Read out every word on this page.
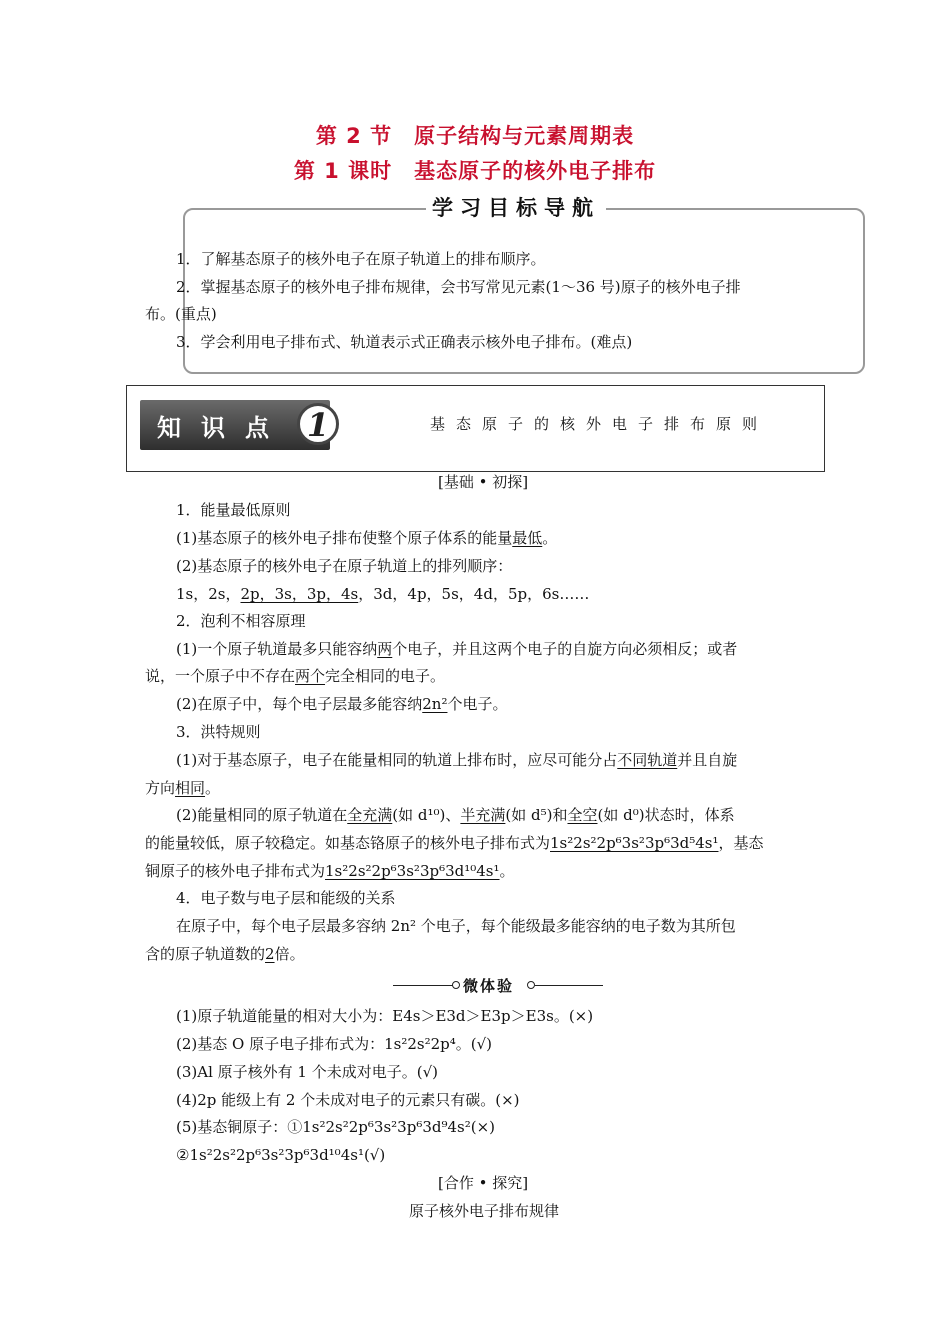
第 2 节　原子结构与元素周期表
第 1 课时　基态原子的核外电子排布
学习目标导航
1．了解基态原子的核外电子在原子轨道上的排布顺序。
2．掌握基态原子的核外电子排布规律，会书写常见元素(1～36 号)原子的核外电子排
布。(重点)
3．学会利用电子排布式、轨道表示式正确表示核外电子排布。(难点)
知识点 1	基态原子的核外电子排布原则
[基础 • 初探]
1．能量最低原则
(1)基态原子的核外电子排布使整个原子体系的能量最低。
(2)基态原子的核外电子在原子轨道上的排列顺序：
1s，2s，2p，3s，3p，4s，3d，4p，5s，4d，5p，6s……
2．泡利不相容原理
(1)一个原子轨道最多只能容纳两个电子，并且这两个电子的自旋方向必须相反；或者
说，一个原子中不存在两个完全相同的电子。
(2)在原子中，每个电子层最多能容纳2n²个电子。
3．洪特规则
(1)对于基态原子，电子在能量相同的轨道上排布时，应尽可能分占不同轨道并且自旋
方向相同。
(2)能量相同的原子轨道在全充满(如 d¹⁰)、半充满(如 d⁵)和全空(如 d⁰)状态时，体系
的能量较低，原子较稳定。如基态铬原子的核外电子排布式为1s²2s²2p⁶3s²3p⁶3d⁵4s¹，基态
铜原子的核外电子排布式为1s²2s²2p⁶3s²3p⁶3d¹⁰4s¹。
4．电子数与电子层和能级的关系
在原子中，每个电子层最多容纳 2n² 个电子，每个能级最多能容纳的电子数为其所包
含的原子轨道数的2倍。
微体验
(1)原子轨道能量的相对大小为：E4s＞E3d＞E3p＞E3s。(×)
(2)基态 O 原子电子排布式为：1s²2s²2p⁴。(√)
(3)Al 原子核外有 1 个未成对电子。(√)
(4)2p 能级上有 2 个未成对电子的元素只有碳。(×)
(5)基态铜原子：①1s²2s²2p⁶3s²3p⁶3d⁹4s²(×)
②1s²2s²2p⁶3s²3p⁶3d¹⁰4s¹(√)
[合作 • 探究]
原子核外电子排布规律
